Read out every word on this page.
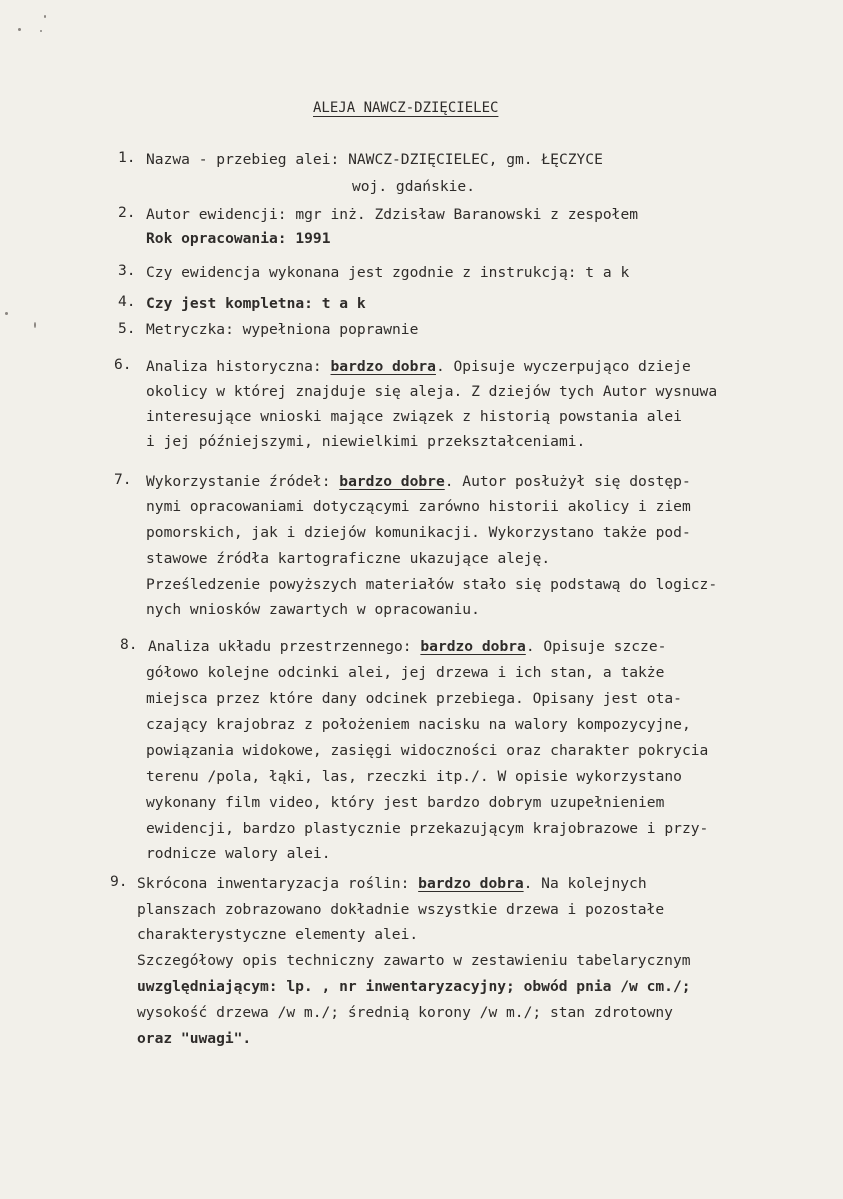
ALEJA NAWCZ-DZIĘCIELEC
1. Nazwa - przebieg alei: NAWCZ-DZIĘCIELEC, gm. ŁĘCZYCE
woj. gdańskie.
2. Autor ewidencji: mgr inż. Zdzisław Baranowski z zespołem
Rok opracowania: 1991
3. Czy ewidencja wykonana jest zgodnie z instrukcją: t a k
4. Czy jest kompletna: t a k
5. Metryczka: wypełniona poprawnie
6. Analiza historyczna: bardzo dobra. Opisuje wyczerpująco dzieje
okolicy w której znajduje się aleja. Z dziejów tych Autor wysnuwa
interesujące wnioski mające związek z historią powstania alei
i jej późniejszymi, niewielkimi przekształceniami.
7. Wykorzystanie źródeł: bardzo dobre. Autor posłużył się dostęp-
nymi opracowaniami dotyczącymi zarówno historii akolicy i ziem
pomorskich, jak i dziejów komunikacji. Wykorzystano także pod-
stawowe źródła kartograficzne ukazujące aleję.
Prześledzenie powyższych materiałów stało się podstawą do logicz-
nych wniosków zawartych w opracowaniu.
8. Analiza układu przestrzennego: bardzo dobra. Opisuje szcze-
gółowo kolejne odcinki alei, jej drzewa i ich stan, a także
miejsca przez które dany odcinek przebiega. Opisany jest ota-
czający krajobraz z położeniem nacisku na walory kompozycyjne,
powiązania widokowe, zasięgi widoczności oraz charakter pokrycia
terenu /pola, łąki, las, rzeczki itp./. W opisie wykorzystano
wykonany film video, który jest bardzo dobrym uzupełnieniem
ewidencji, bardzo plastycznie przekazującym krajobrazowe i przy-
rodnicze walory alei.
9. Skrócona inwentaryzacja roślin: bardzo dobra. Na kolejnych
planszach zobrazowano dokładnie wszystkie drzewa i pozostałe
charakterystyczne elementy alei.
Szczegółowy opis techniczny zawarto w zestawieniu tabelarycznym
uwzględniającym: lp. , nr inwentaryzacyjny; obwód pnia /w cm./;
wysokość drzewa /w m./; średnią korony /w m./; stan zdrotowny
oraz "uwagi".
